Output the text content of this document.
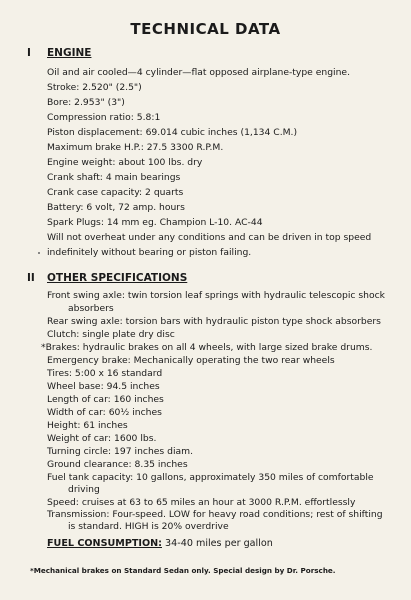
TECHNICAL DATA
I ENGINE
Oil and air cooled—4 cylinder—flat opposed airplane-type engine.
Stroke: 2.520" (2.5")
Bore: 2.953" (3")
Compression ratio: 5.8:1
Piston displacement: 69.014 cubic inches (1,134 C.M.)
Maximum brake H.P.: 27.5 3300 R.P.M.
Engine weight: about 100 lbs. dry
Crank shaft: 4 main bearings
Crank case capacity: 2 quarts
Battery: 6 volt, 72 amp. hours
Spark Plugs: 14 mm eg. Champion L-10. AC-44
Will not overheat under any conditions and can be driven in top speed
indefinitely without bearing or piston failing.
II OTHER SPECIFICATIONS
Front swing axle: twin torsion leaf springs with hydraulic telescopic shock
absorbers
Rear swing axle: torsion bars with hydraulic piston type shock absorbers
Clutch: single plate dry disc
*Brakes: hydraulic brakes on all 4 wheels, with large sized brake drums.
Emergency brake: Mechanically operating the two rear wheels
Tires: 5:00 x 16 standard
Wheel base: 94.5 inches
Length of car: 160 inches
Width of car: 60½ inches
Height: 61 inches
Weight of car: 1600 lbs.
Turning circle: 197 inches diam.
Ground clearance: 8.35 inches
Fuel tank capacity: 10 gallons, approximately 350 miles of comfortable
driving
FUEL CONSUMPTION: 34-40 miles per gallon
*Mechanical brakes on Standard Sedan only. Special design by Dr. Porsche.
Speed: cruises at 63 to 65 miles an hour at 3000 R.P.M. effortlessly
Transmission: Four-speed. LOW for heavy road conditions; rest of shifting
is standard. HIGH is 20% overdrive
